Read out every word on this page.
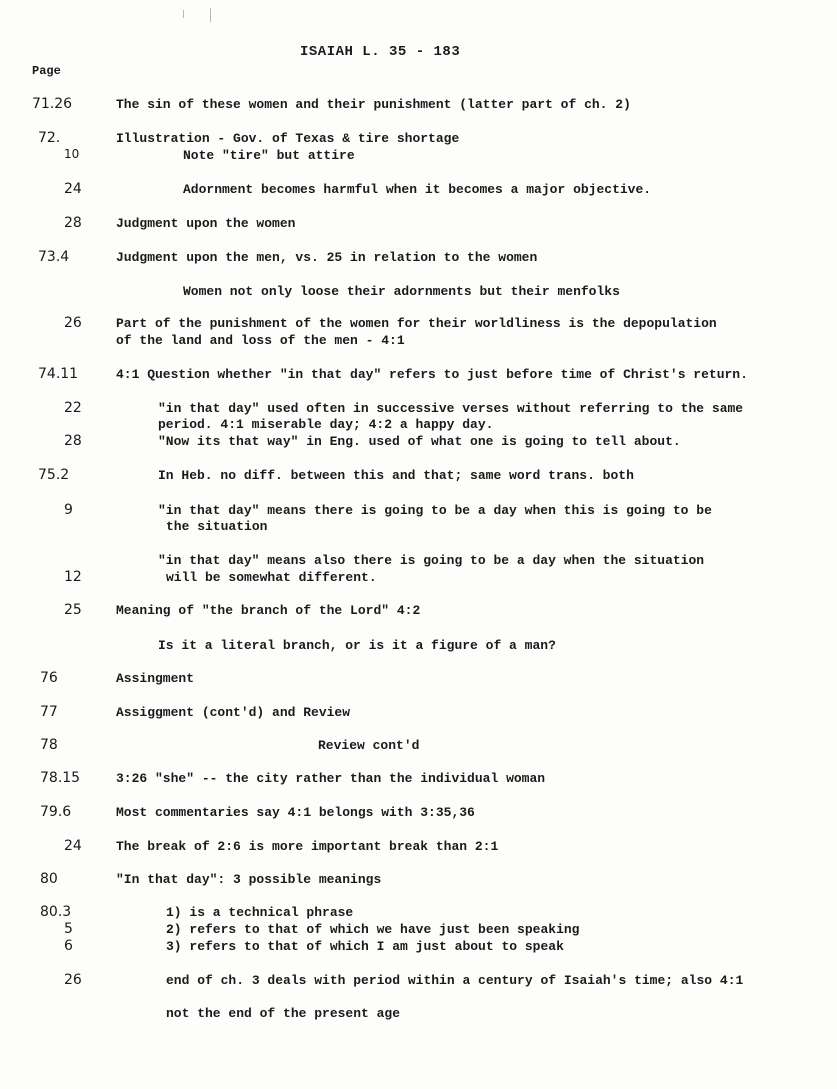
ISAIAH L. 35 - 183
Page
71.26	The sin of these women and their punishment (latter part of ch. 2)
72.	Illustration - Gov. of Texas & tire shortage
10	Note "tire" but attire
24	Adornment becomes harmful when it becomes a major objective.
28	Judgment upon the women
73.4	Judgment upon the men, vs. 25 in relation to the women
Women not only loose their adornments but their menfolks
26	Part of the punishment of the women for their worldliness is the depopulation
of the land and loss of the men - 4:1
74.11	4:1 Question whether "in that day" refers to just before time of Christ's return.
22	"in that day" used often in successive verses without referring to the same
period. 4:1 miserable day; 4:2 a happy day.
28	"Now its that way" in Eng. used of what one is going to tell about.
75.2	In Heb. no diff. between this and that; same word trans. both
9	"in that day" means there is going to be a day when this is going to be
the situation
"in that day" means also there is going to be a day when the situation
12	will be somewhat different.
25	Meaning of "the branch of the Lord" 4:2
Is it a literal branch, or is it a figure of a man?
76	Assingment
77	Assiggment (cont'd) and Review
78	Review cont'd
78.15	3:26 "she" -- the city rather than the individual woman
79.6	Most commentaries say 4:1 belongs with 3:35,36
24	The break of 2:6 is more important break than 2:1
80	"In that day": 3 possible meanings
80.3	1) is a technical phrase
5	2) refers to that of which we have just been speaking
6	3) refers to that of which I am just about to speak
26	end of ch. 3 deals with period within a century of Isaiah's time; also 4:1
not the end of the present age
